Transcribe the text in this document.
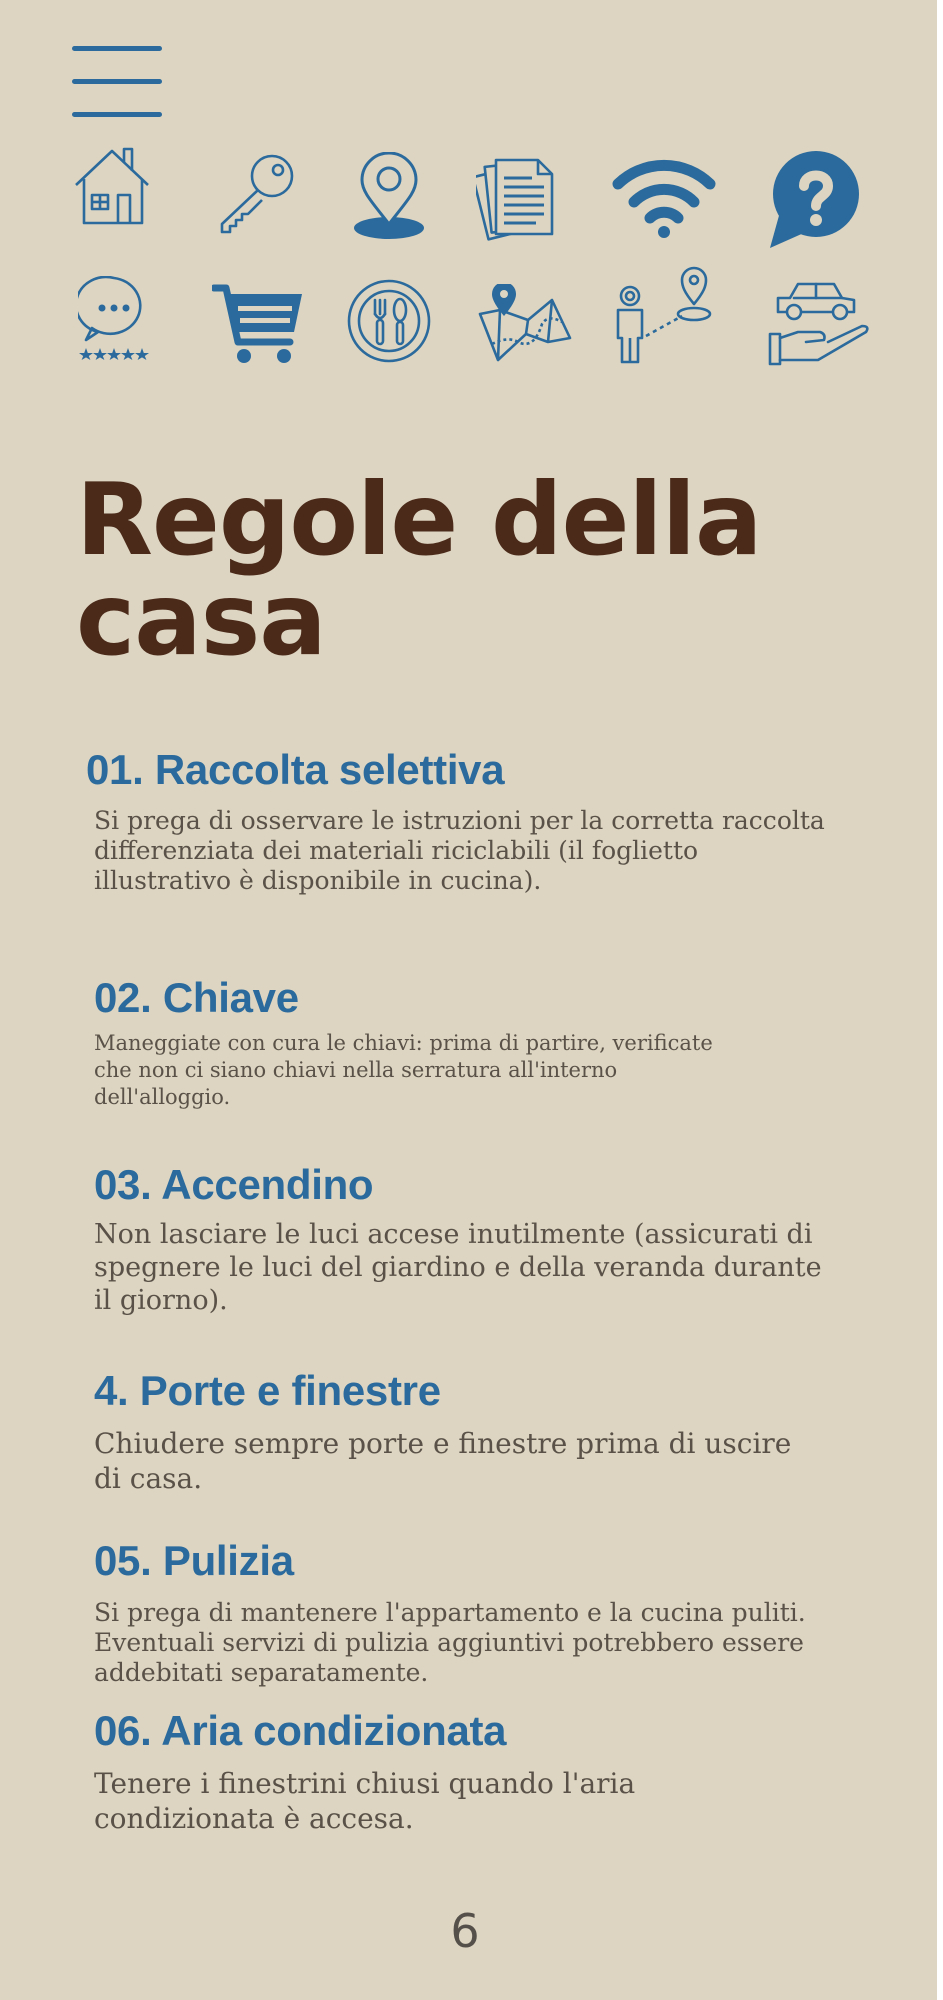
Regole della casa
01. Raccolta selettiva

Si prega di osservare le istruzioni per la corretta raccolta differenziata dei materiali riciclabili (il foglietto illustrativo è disponibile in cucina).

02. Chiave

Maneggiate con cura le chiavi: prima di partire, verificate che non ci siano chiavi nella serratura all'interno dell'alloggio.

03. Accendino

Non lasciare le luci accese inutilmente (assicurati di spegnere le luci del giardino e della veranda durante il giorno).

4. Porte e finestre

Chiudere sempre porte e finestre prima di uscire di casa.

05. Pulizia

Si prega di mantenere l'appartamento e la cucina puliti. Eventuali servizi di pulizia aggiuntivi potrebbero essere addebitati separatamente.

06. Aria condizionata

Tenere i finestrini chiusi quando l'aria condizionata è accesa.

6
